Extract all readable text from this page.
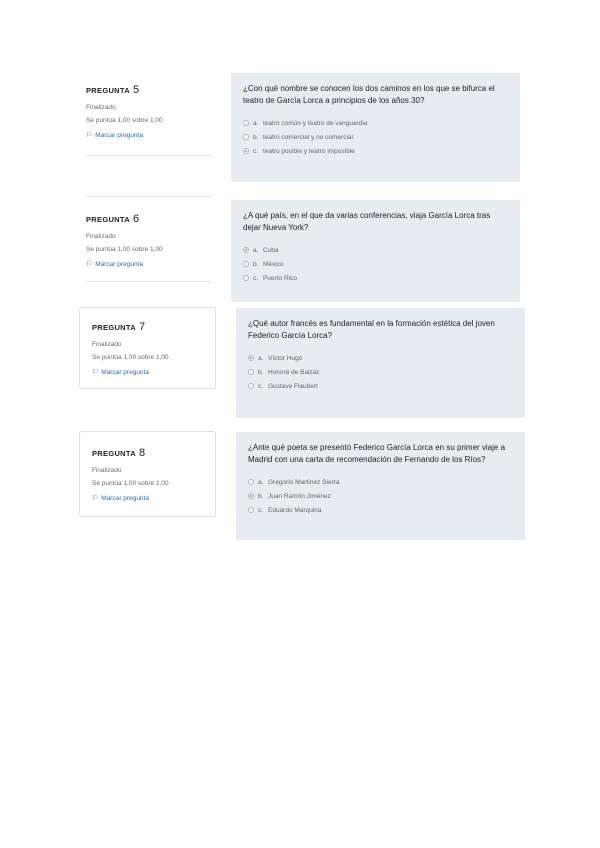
PREGUNTA 5
Finalizado
Se puntúa 1,00 sobre 1,00
⚐ Marcar pregunta
¿Con qué nombre se conocen los dos caminos en los que se bifurca el teatro de García Lorca a principios de los años 30?
a. teatro común y teatro de vanguardia
b. teatro comercial y no comercial
c. teatro posible y teatro imposible
PREGUNTA 6
Finalizado
Se puntúa 1,00 sobre 1,00
⚐ Marcar pregunta
¿A qué país, en el que da varias conferencias, viaja García Lorca tras dejar Nueva York?
a. Cuba
b. México
c. Puerto Rico
PREGUNTA 7
Finalizado
Se puntúa 1,00 sobre 1,00
⚐ Marcar pregunta
¿Qué autor francés es fundamental en la formación estética del joven Federico García Lorca?
a. Víctor Hugo
b. Honoré de Balzac
c. Gustave Flaubert
PREGUNTA 8
Finalizado
Se puntúa 1,00 sobre 1,00
⚐ Marcar pregunta
¿Ante qué poeta se presentó Federico García Lorca en su primer viaje a Madrid con una carta de recomendación de Fernando de los Ríos?
a. Gregorio Martínez Sierra
b. Juan Ramón Jiménez
c. Eduardo Marquina
